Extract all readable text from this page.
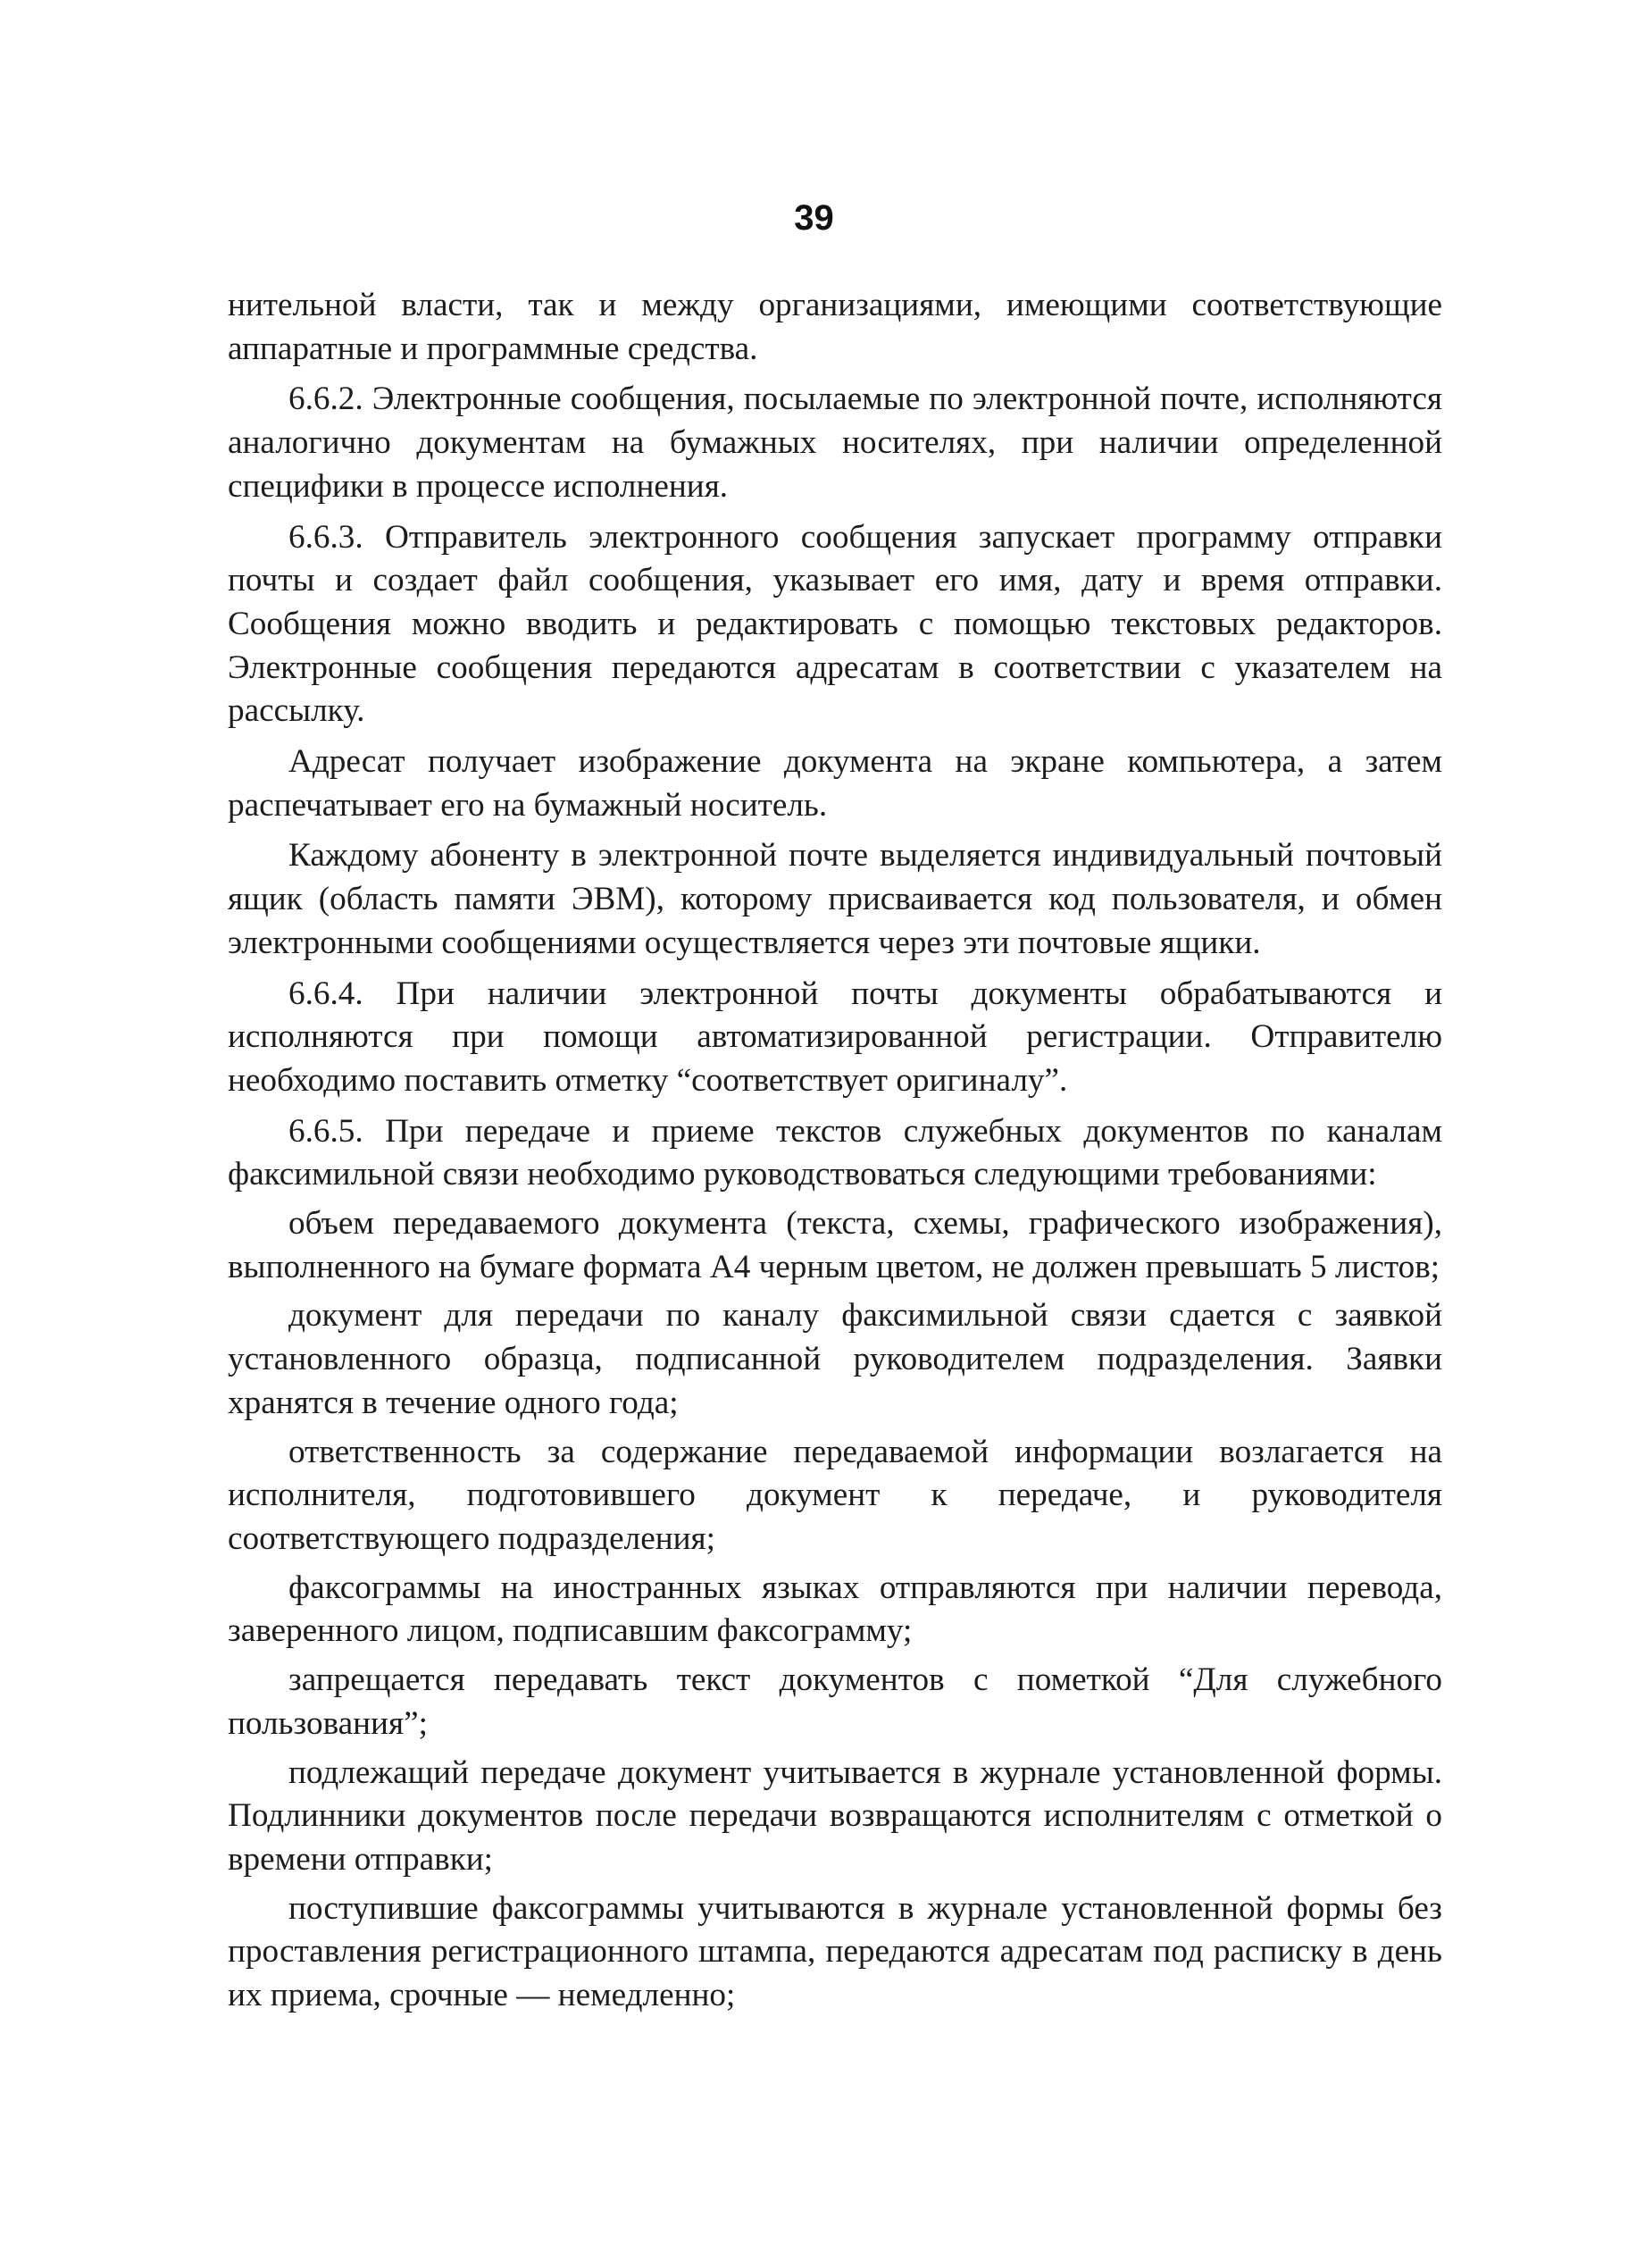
39

нительной власти, так и между организациями, имеющими соответствующие аппаратные и программные средства.

6.6.2. Электронные сообщения, посылаемые по электронной почте, исполняются аналогично документам на бумажных носителях, при наличии определенной специфики в процессе исполнения.

6.6.3. Отправитель электронного сообщения запускает программу отправки почты и создает файл сообщения, указывает его имя, дату и время отправки. Сообщения можно вводить и редактировать с помощью текстовых редакторов. Электронные сообщения передаются адресатам в соответствии с указателем на рассылку.

Адресат получает изображение документа на экране компьютера, а затем распечатывает его на бумажный носитель.

Каждому абоненту в электронной почте выделяется индивидуальный почтовый ящик (область памяти ЭВМ), которому присваивается код пользователя, и обмен электронными сообщениями осуществляется через эти почтовые ящики.

6.6.4. При наличии электронной почты документы обрабатываются и исполняются при помощи автоматизированной регистрации. Отправителю необходимо поставить отметку “соответствует оригиналу”.

6.6.5. При передаче и приеме текстов служебных документов по каналам факсимильной связи необходимо руководствоваться следующими требованиями:

объем передаваемого документа (текста, схемы, графического изображения), выполненного на бумаге формата А4 черным цветом, не должен превышать 5 листов;

документ для передачи по каналу факсимильной связи сдается с заявкой установленного образца, подписанной руководителем подразделения. Заявки хранятся в течение одного года;

ответственность за содержание передаваемой информации возлагается на исполнителя, подготовившего документ к передаче, и руководителя соответствующего подразделения;

факсограммы на иностранных языках отправляются при наличии перевода, заверенного лицом, подписавшим факсограмму;

запрещается передавать текст документов с пометкой “Для служебного пользования”;

подлежащий передаче документ учитывается в журнале установленной формы. Подлинники документов после передачи возвращаются исполнителям с отметкой о времени отправки;

поступившие факсограммы учитываются в журнале установленной формы без проставления регистрационного штампа, передаются адресатам под расписку в день их приема, срочные — немедленно;
